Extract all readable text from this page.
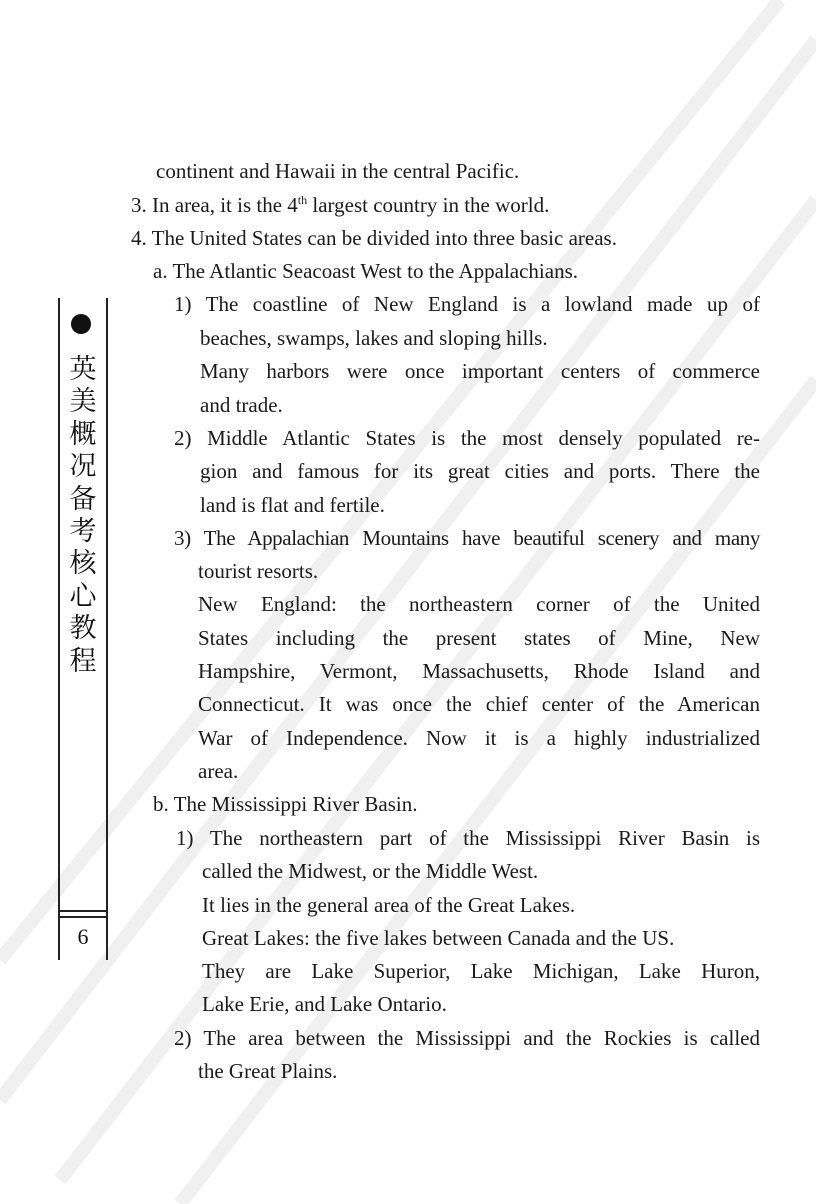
英美概况备考核心教程
6
continent and Hawaii in the central Pacific.
3. In area, it is the 4th largest country in the world.
4. The United States can be divided into three basic areas.
a. The Atlantic Seacoast West to the Appalachians.
1) The coastline of New England is a lowland made up of
beaches, swamps, lakes and sloping hills.
Many harbors were once important centers of commerce
and trade.
2) Middle Atlantic States is the most densely populated re-
gion and famous for its great cities and ports. There the
land is flat and fertile.
3) The Appalachian Mountains have beautiful scenery and many
tourist resorts.
New England: the northeastern corner of the United
States including the present states of Mine, New
Hampshire, Vermont, Massachusetts, Rhode Island and
Connecticut. It was once the chief center of the American
War of Independence. Now it is a highly industrialized
area.
b. The Mississippi River Basin.
1) The northeastern part of the Mississippi River Basin is
called the Midwest, or the Middle West.
It lies in the general area of the Great Lakes.
Great Lakes: the five lakes between Canada and the US.
They are Lake Superior, Lake Michigan, Lake Huron,
Lake Erie, and Lake Ontario.
2) The area between the Mississippi and the Rockies is called
the Great Plains.
